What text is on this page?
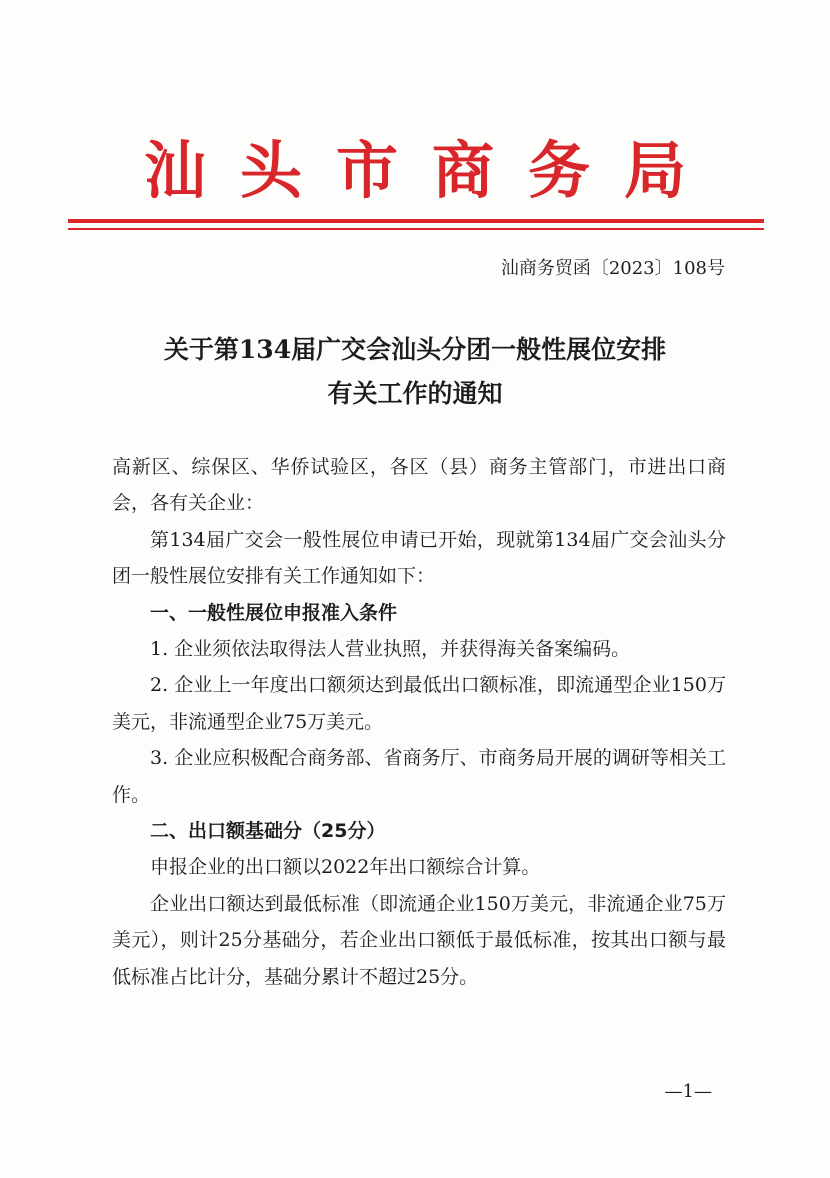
汕头市商务局
汕商务贸函〔2023〕108号
关于第134届广交会汕头分团一般性展位安排
有关工作的通知

高新区、综保区、华侨试验区，各区（县）商务主管部门，市进出口商会，各有关企业：

第134届广交会一般性展位申请已开始，现就第134届广交会汕头分团一般性展位安排有关工作通知如下：

一、一般性展位申报准入条件

1. 企业须依法取得法人营业执照，并获得海关备案编码。

2. 企业上一年度出口额须达到最低出口额标准，即流通型企业150万美元，非流通型企业75万美元。

3. 企业应积极配合商务部、省商务厅、市商务局开展的调研等相关工作。

二、出口额基础分（25分）

申报企业的出口额以2022年出口额综合计算。

企业出口额达到最低标准（即流通企业150万美元，非流通企业75万美元），则计25分基础分，若企业出口额低于最低标准，按其出口额与最低标准占比计分，基础分累计不超过25分。

—1—
